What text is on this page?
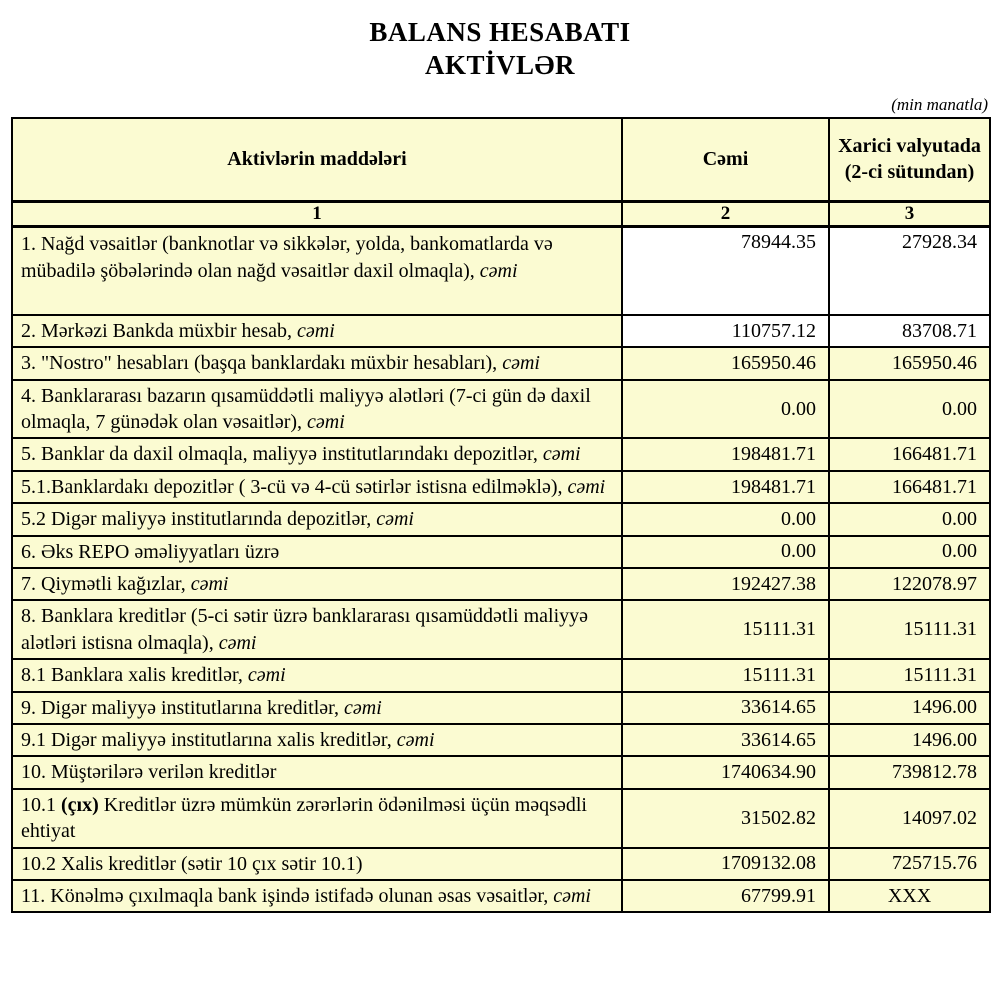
BALANS HESABATI
AKTİVLƏR
(min manatla)
Aktivlərin maddələri	Cəmi	Xarici valyutada (2-ci sütundan)
1	2	3
1. Nağd vəsaitlər (banknotlar və sikkələr, yolda, bankomatlarda və mübadilə şöbələrində olan nağd vəsaitlər daxil olmaqla), cəmi	78944.35	27928.34
2. Mərkəzi Bankda müxbir hesab, cəmi	110757.12	83708.71
3. "Nostro" hesabları (başqa banklardakı müxbir hesabları), cəmi	165950.46	165950.46
4. Banklararası bazarın qısamüddətli maliyyə alətləri (7-ci gün də daxil olmaqla, 7 günədək olan vəsaitlər), cəmi	0.00	0.00
5. Banklar da daxil olmaqla, maliyyə institutlarındakı depozitlər, cəmi	198481.71	166481.71
5.1.Banklardakı depozitlər ( 3-cü və 4-cü sətirlər istisna edilməklə), cəmi	198481.71	166481.71
5.2 Digər maliyyə institutlarında depozitlər, cəmi	0.00	0.00
6. Əks REPO əməliyyatları üzrə	0.00	0.00
7. Qiymətli kağızlar, cəmi	192427.38	122078.97
8. Banklara kreditlər (5-ci sətir üzrə banklararası qısamüddətli maliyyə alətləri istisna olmaqla), cəmi	15111.31	15111.31
8.1 Banklara xalis kreditlər, cəmi	15111.31	15111.31
9. Digər maliyyə institutlarına kreditlər, cəmi	33614.65	1496.00
9.1 Digər maliyyə institutlarına xalis kreditlər, cəmi	33614.65	1496.00
10. Müştərilərə verilən kreditlər	1740634.90	739812.78
10.1 (çıx) Kreditlər üzrə mümkün zərərlərin ödənilməsi üçün məqsədli ehtiyat	31502.82	14097.02
10.2 Xalis kreditlər (sətir 10 çıx sətir 10.1)	1709132.08	725715.76
11. Könəlmə çıxılmaqla bank işində istifadə olunan əsas vəsaitlər, cəmi	67799.91	XXX
